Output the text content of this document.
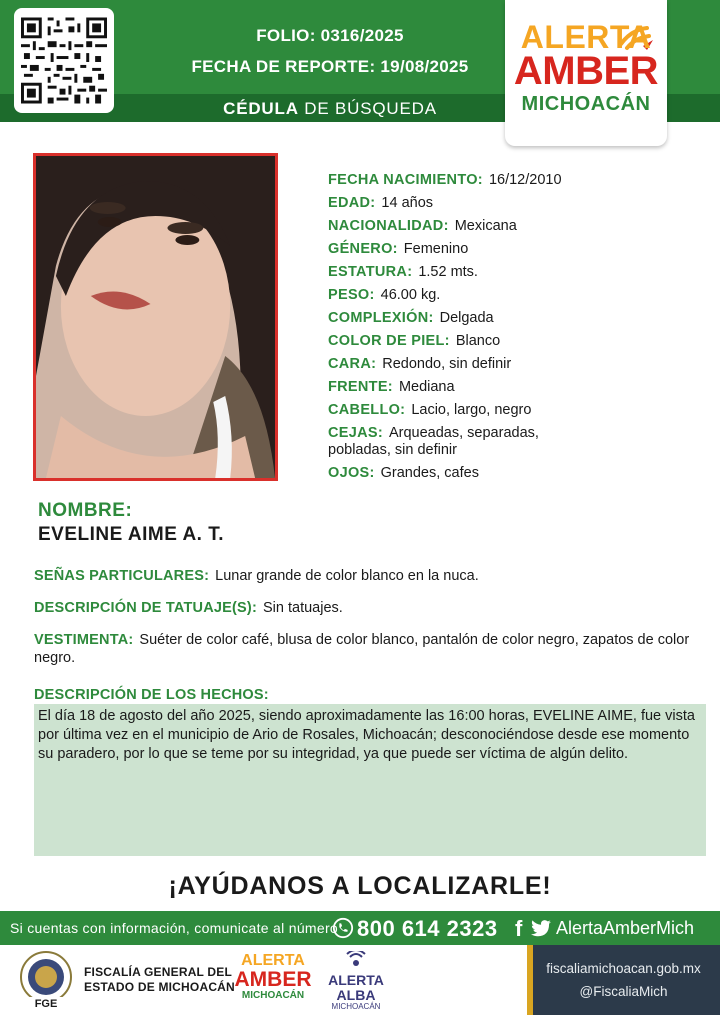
FOLIO: 0316/2025
FECHA DE REPORTE: 19/08/2025
CÉDULA DE BÚSQUEDA
ALERTA
AMBER
MICHOACÁN
FECHA NACIMIENTO: 16/12/2010
EDAD: 14 años
NACIONALIDAD: Mexicana
GÉNERO: Femenino
ESTATURA: 1.52 mts.
PESO: 46.00 kg.
COMPLEXIÓN: Delgada
COLOR DE PIEL: Blanco
CARA: Redondo, sin definir
FRENTE: Mediana
CABELLO: Lacio, largo, negro
CEJAS: Arqueadas, separadas, pobladas, sin definir
OJOS: Grandes, cafes
NOMBRE:
EVELINE AIME A. T.
SEÑAS PARTICULARES: Lunar grande de color blanco en la nuca.
DESCRIPCIÓN DE TATUAJE(S): Sin tatuajes.
VESTIMENTA: Suéter de color café, blusa de color blanco, pantalón de color negro, zapatos de color negro.
DESCRIPCIÓN DE LOS HECHOS:
El día 18 de agosto del año 2025, siendo aproximadamente las 16:00 horas, EVELINE AIME, fue vista por última vez en el municipio de Ario de Rosales, Michoacán; desconociéndose desde ese momento su paradero, por lo que se teme por su integridad, ya que puede ser víctima de algún delito.
¡AYÚDANOS A LOCALIZARLE!
Si cuentas con información, comunicate al número 800 614 2323 f AlertaAmberMich
FGE
FISCALÍA GENERAL DEL
ESTADO DE MICHOACÁN
ALERTA
AMBER
MICHOACÁN
ALERTA
ALBA
MICHOACÁN
fiscaliamichoacan.gob.mx
@FiscaliaMich
